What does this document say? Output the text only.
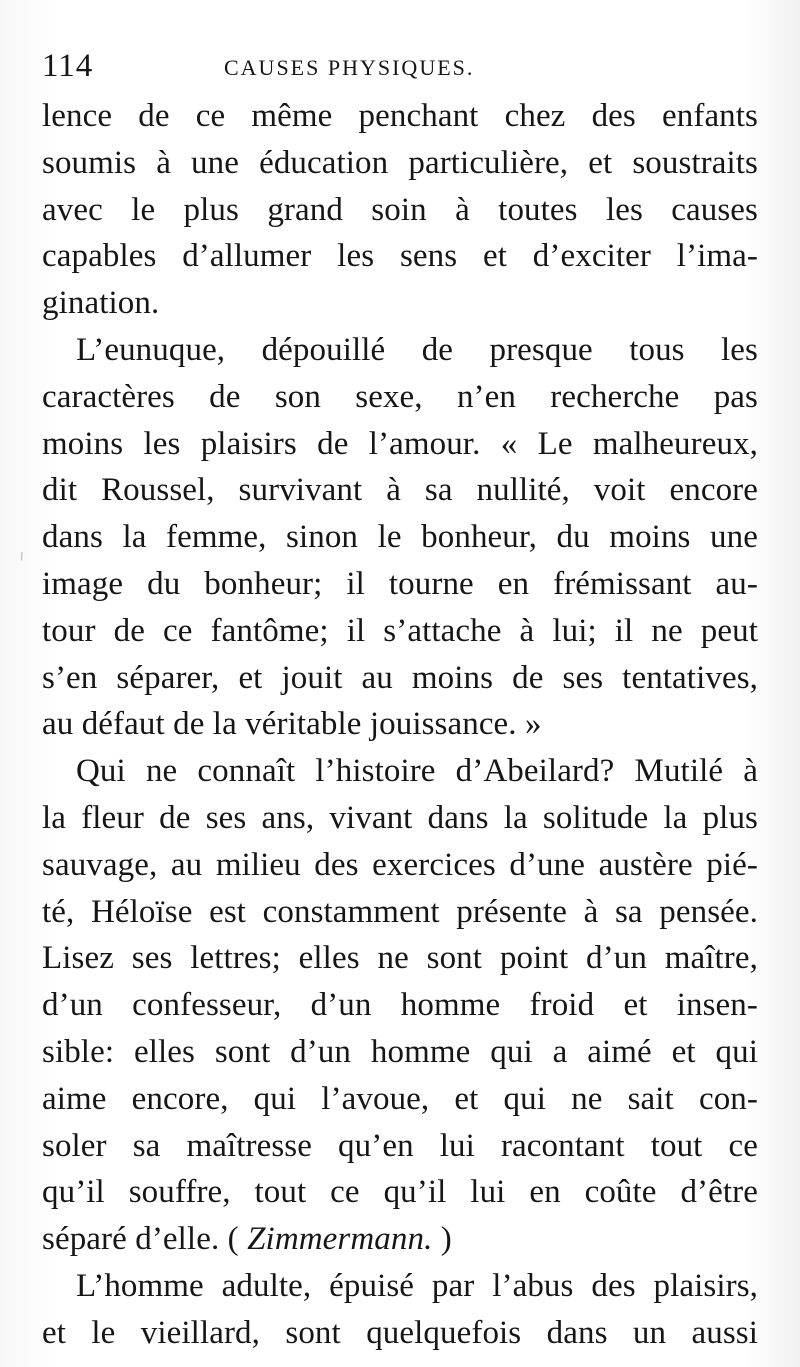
114	CAUSES PHYSIQUES.
lence de ce même penchant chez des enfants
soumis à une éducation particulière, et soustraits
avec le plus grand soin à toutes les causes
capables d’allumer les sens et d’exciter l’ima-
gination.
L’eunuque, dépouillé de presque tous les
caractères de son sexe, n’en recherche pas
moins les plaisirs de l’amour. « Le malheureux,
dit Roussel, survivant à sa nullité, voit encore
dans la femme, sinon le bonheur, du moins une
image du bonheur; il tourne en frémissant au-
tour de ce fantôme; il s’attache à lui; il ne peut
s’en séparer, et jouit au moins de ses tentatives,
au défaut de la véritable jouissance. »
Qui ne connaît l’histoire d’Abeilard? Mutilé à
la fleur de ses ans, vivant dans la solitude la plus
sauvage, au milieu des exercices d’une austère pié-
té, Héloïse est constamment présente à sa pensée.
Lisez ses lettres; elles ne sont point d’un maître,
d’un confesseur, d’un homme froid et insen-
sible: elles sont d’un homme qui a aimé et qui
aime encore, qui l’avoue, et qui ne sait con-
soler sa maîtresse qu’en lui racontant tout ce
qu’il souffre, tout ce qu’il lui en coûte d’être
séparé d’elle. ( Zimmermann. )
L’homme adulte, épuisé par l’abus des plaisirs,
et le vieillard, sont quelquefois dans un aussi
/
